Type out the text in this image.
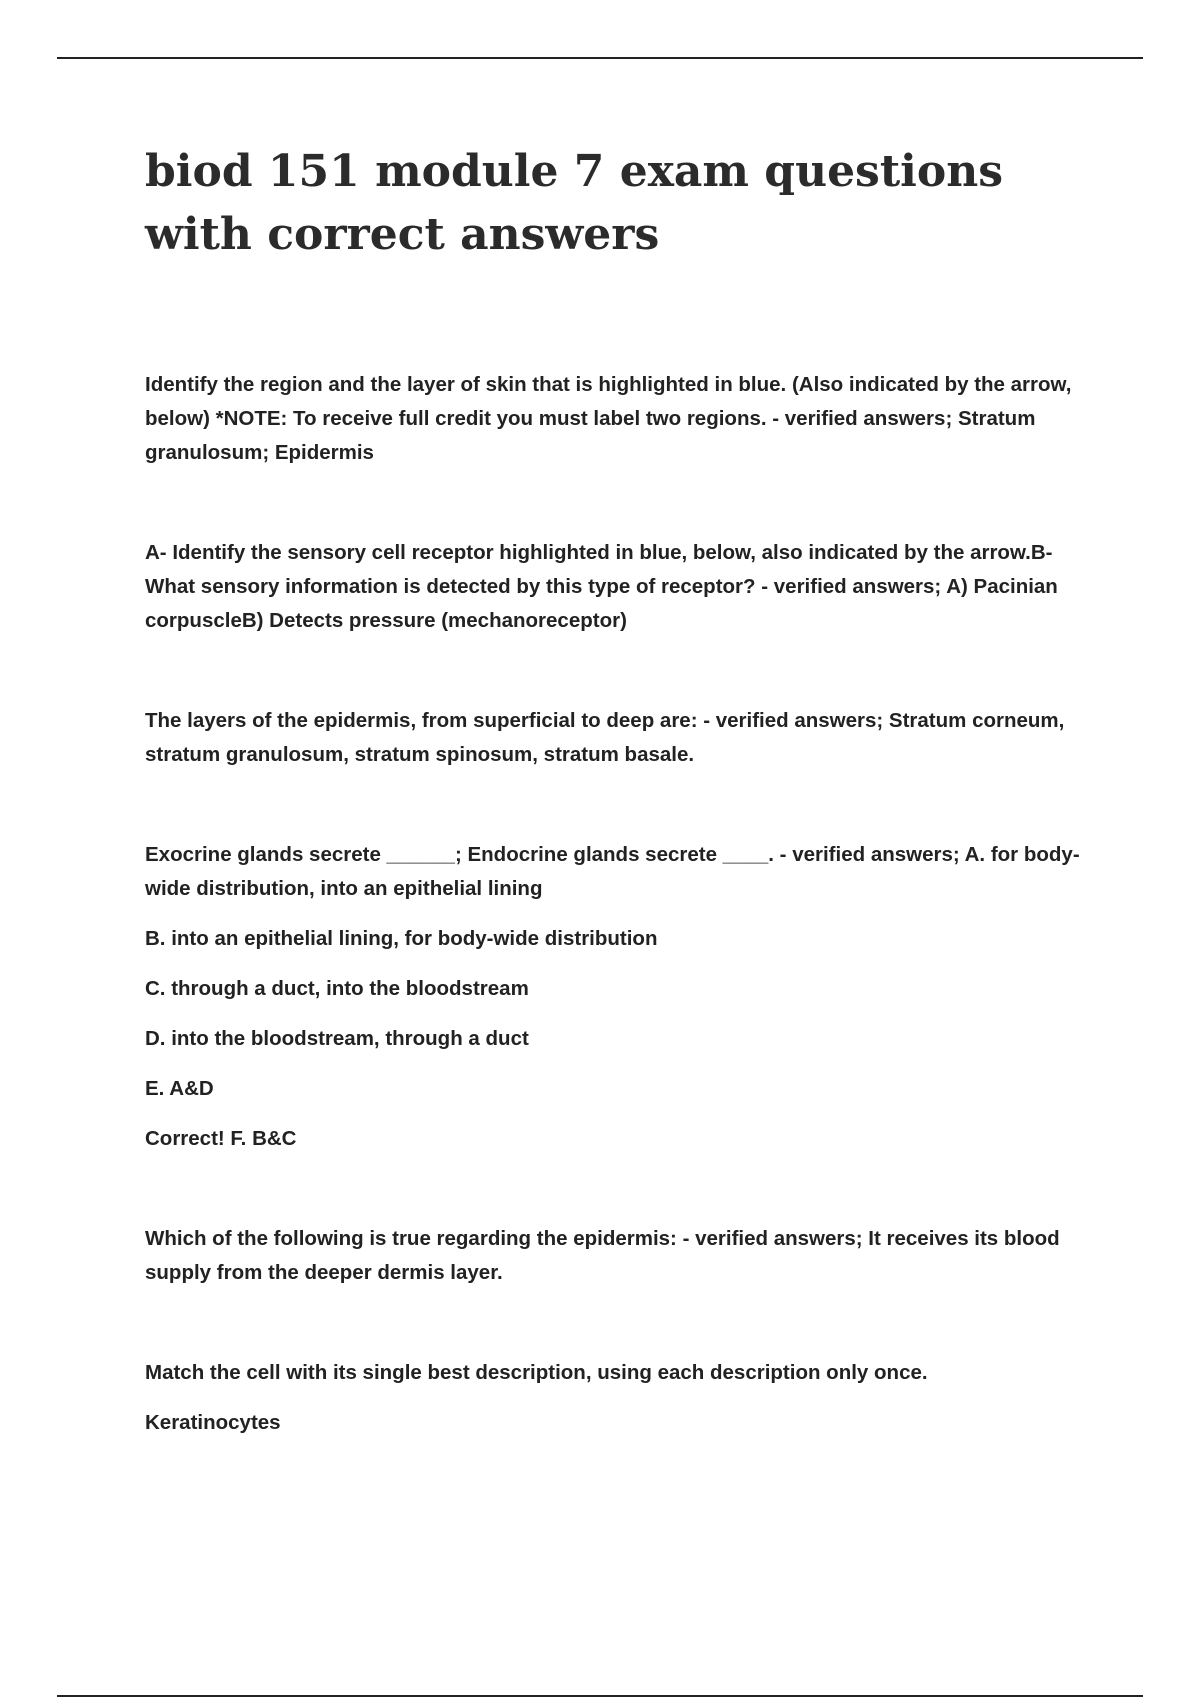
biod 151 module 7 exam questions with correct answers

Identify the region and the layer of skin that is highlighted in blue. (Also indicated by the arrow, below) *NOTE: To receive full credit you must label two regions. - verified answers; Stratum granulosum; Epidermis

A- Identify the sensory cell receptor highlighted in blue, below, also indicated by the arrow.B- What sensory information is detected by this type of receptor? - verified answers; A) Pacinian corpuscleB) Detects pressure (mechanoreceptor)

The layers of the epidermis, from superficial to deep are: - verified answers; Stratum corneum, stratum granulosum, stratum spinosum, stratum basale.

Exocrine glands secrete ______; Endocrine glands secrete ____. - verified answers; A. for body-wide distribution, into an epithelial lining
B. into an epithelial lining, for body-wide distribution
C. through a duct, into the bloodstream
D. into the bloodstream, through a duct
E. A&D
Correct! F. B&C

Which of the following is true regarding the epidermis: - verified answers; It receives its blood supply from the deeper dermis layer.

Match the cell with its single best description, using each description only once.
Keratinocytes
